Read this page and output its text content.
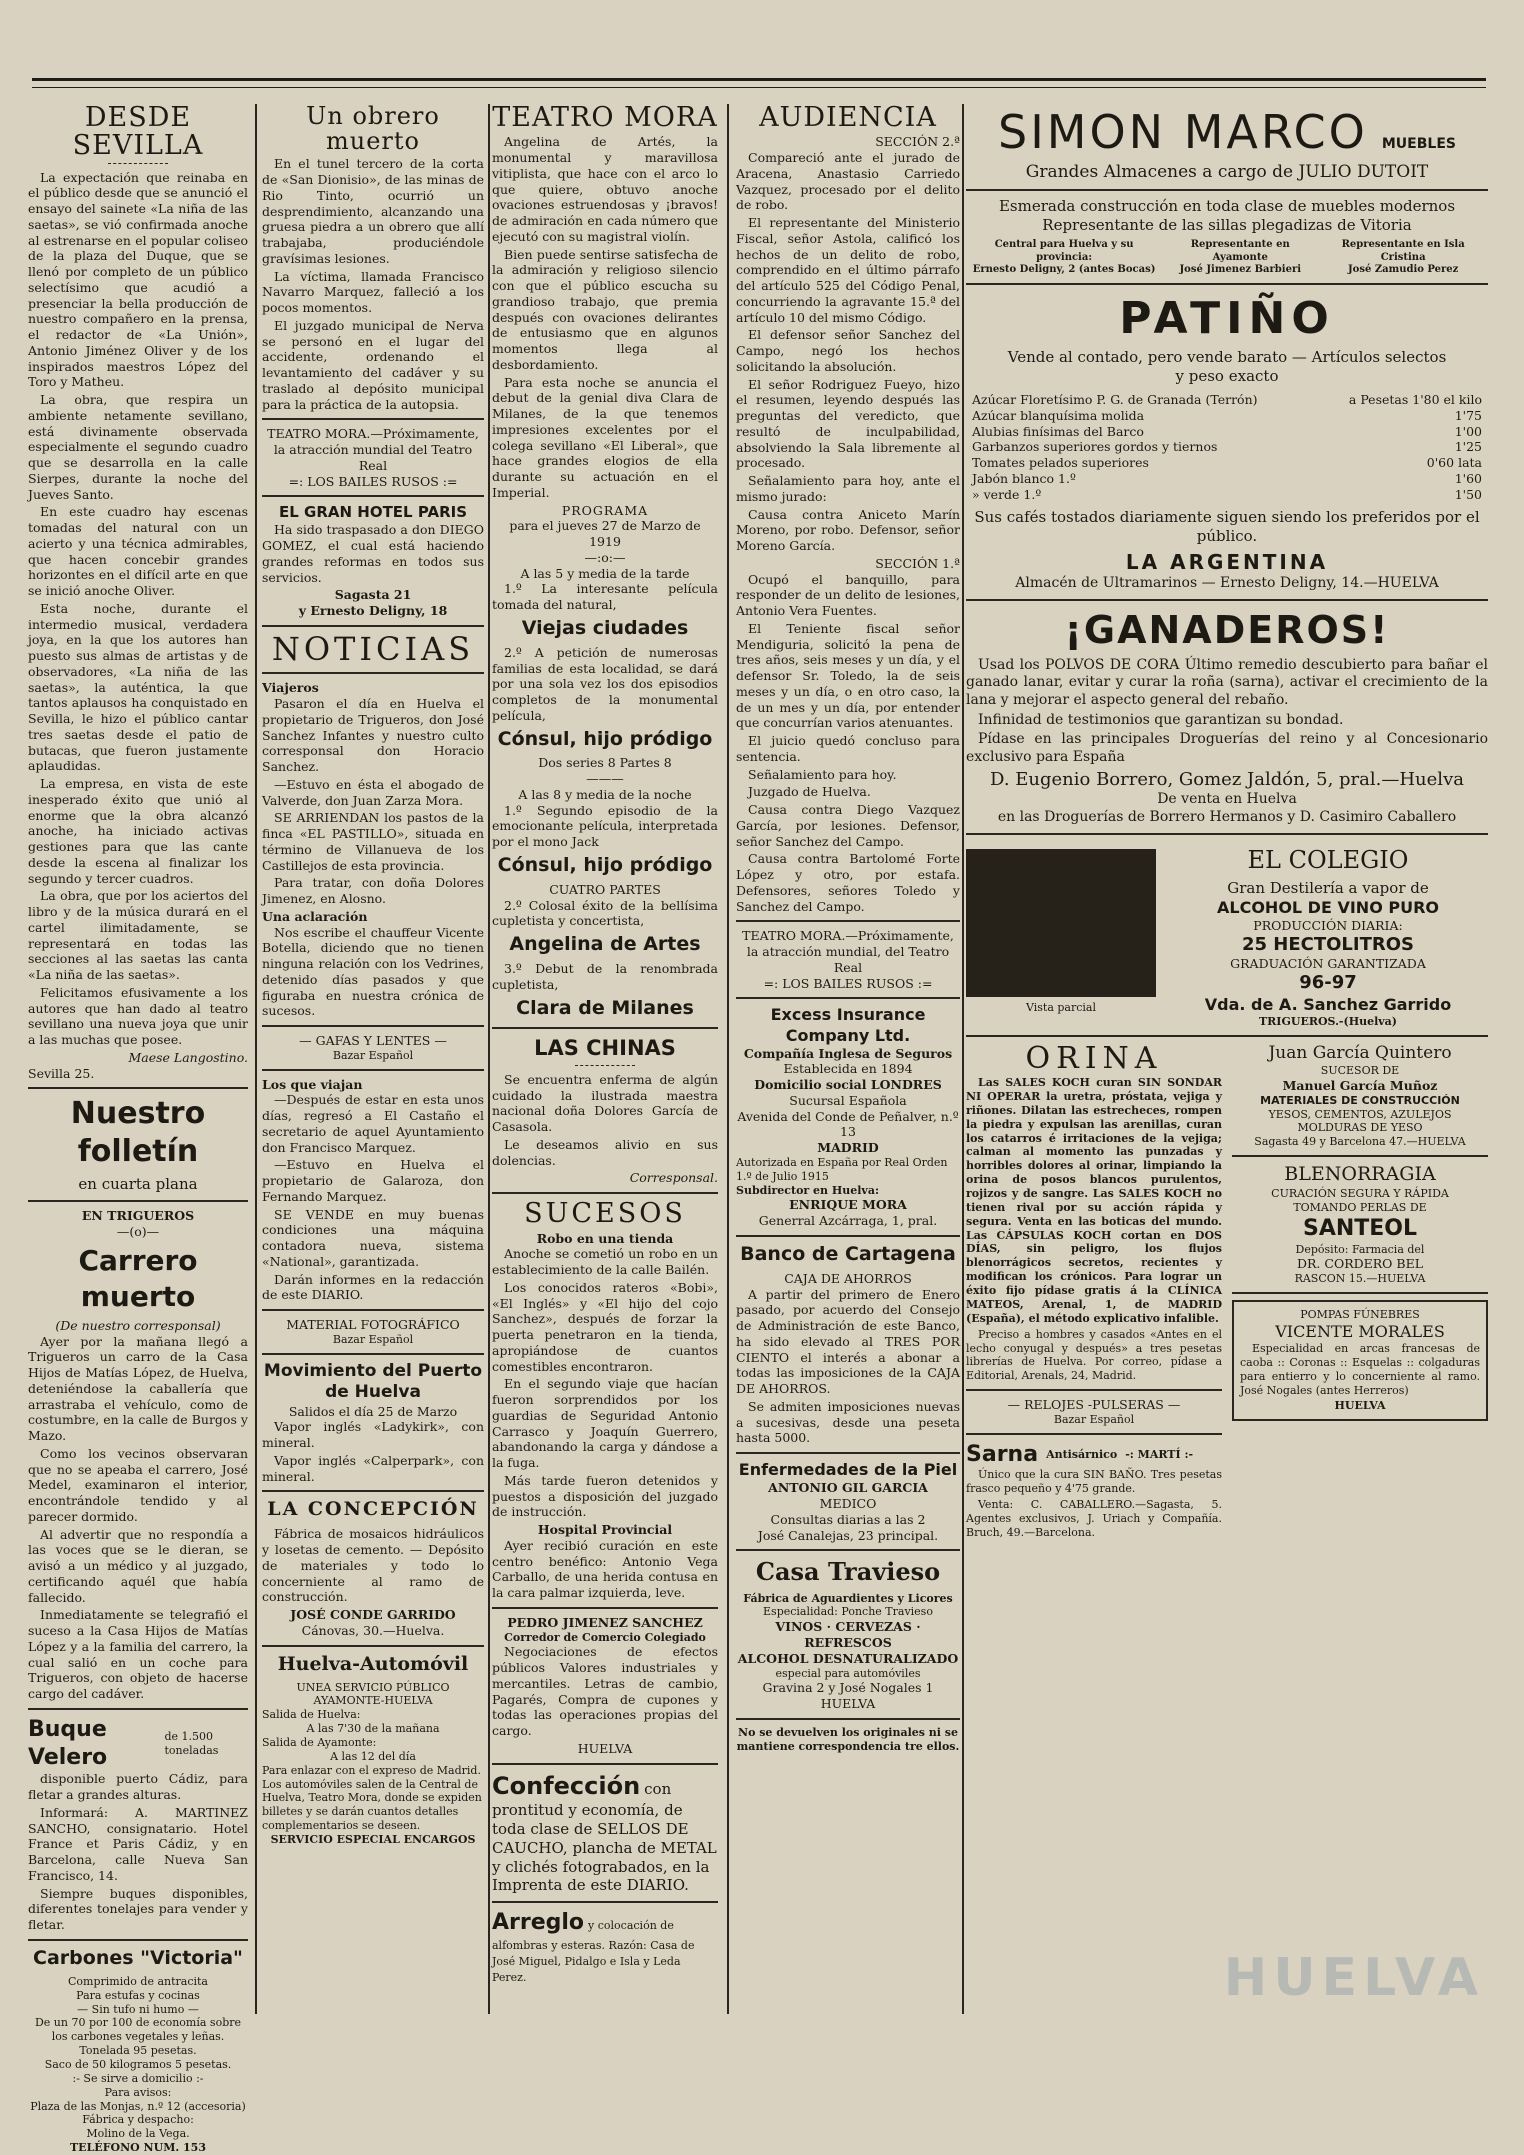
DESDE SEVILLA

La expectación que reinaba en el público desde que se anunció el ensayo del sainete «La niña de las saetas», se vió confirmada anoche al estrenarse en el popular coliseo de la plaza del Duque, que se llenó por completo de un público selectísimo que acudió a presenciar la bella producción de nuestro compañero en la prensa, el redactor de «La Unión», Antonio Jiménez Oliver y de los inspirados maestros López del Toro y Matheu.

La obra, que respira un ambiente netamente sevillano, está divinamente observada especialmente el segundo cuadro que se desarrolla en la calle Sierpes, durante la noche del Jueves Santo.

En este cuadro hay escenas tomadas del natural con un acierto y una técnica admirables, que hacen concebir grandes horizontes en el difícil arte en que se inició anoche Oliver.

Esta noche, durante el intermedio musical, verdadera joya, en la que los autores han puesto sus almas de artistas y de observadores, «La niña de las saetas», la auténtica, la que tantos aplausos ha conquistado en Sevilla, le hizo el público cantar tres saetas desde el patio de butacas, que fueron justamente aplaudidas.

La empresa, en vista de este inesperado éxito que unió al enorme que la obra alcanzó anoche, ha iniciado activas gestiones para que las cante desde la escena al finalizar los segundo y tercer cuadros.

La obra, que por los aciertos del libro y de la música durará en el cartel ilimitadamente, se representará en todas las secciones al las saetas las canta «La niña de las saetas».

Felicitamos efusivamente a los autores que han dado al teatro sevillano una nueva joya que unir a las muchas que posee.

Maese Langostino.
Sevilla 25.
Nuestro folletín
en cuarta plana
EN TRIGUEROS
—(o)—
Carrero muerto
(De nuestro corresponsal)

Ayer por la mañana llegó a Trigueros un carro de la Casa Hijos de Matías López, de Huelva, deteniéndose la caballería que arrastraba el vehículo, como de costumbre, en la calle de Burgos y Mazo.

Como los vecinos observaran que no se apeaba el carrero, José Medel, examinaron el interior, encontrándole tendido y al parecer dormido.

Al advertir que no respondía a las voces que se le dieran, se avisó a un médico y al juzgado, certificando aquél que había fallecido.

Inmediatamente se telegrafió el suceso a la Casa Hijos de Matías López y a la familia del carrero, la cual salió en un coche para Trigueros, con objeto de hacerse cargo del cadáver.

Buque Velero
de 1.500 toneladas

disponible puerto Cádiz, para fletar a grandes alturas.

Informará: A. MARTINEZ SANCHO, consignatario. Hotel France et Paris Cádiz, y en Barcelona, calle Nueva San Francisco, 14.

Siempre buques disponibles, diferentes tonelajes para vender y fletar.

Carbones "Victoria"
Comprimido de antracita
Para estufas y cocinas
— Sin tufo ni humo —
De un 70 por 100 de economía sobre los carbones vegetales y leñas.
Tonelada 95 pesetas.
Saco de 50 kilogramos 5 pesetas.
:- Se sirve a domicilio :-
Para avisos:
Plaza de las Monjas, n.º 12 (accesoria)
Fábrica y despacho:
Molino de la Vega.
TELÉFONO NUM. 153
Un obrero muerto

En el tunel tercero de la corta de «San Dionisio», de las minas de Rio Tinto, ocurrió un desprendimiento, alcanzando una gruesa piedra a un obrero que allí trabajaba, produciéndole gravísimas lesiones.

La víctima, llamada Francisco Navarro Marquez, falleció a los pocos momentos.

El juzgado municipal de Nerva se personó en el lugar del accidente, ordenando el levantamiento del cadáver y su traslado al depósito municipal para la práctica de la autopsia.

TEATRO MORA.—Próximamente, la atracción mundial del Teatro Real
=: LOS BAILES RUSOS :=
EL GRAN HOTEL PARIS

Ha sido traspasado a don DIEGO GOMEZ, el cual está haciendo grandes reformas en todos sus servicios.

Sagasta 21
y Ernesto Deligny, 18
NOTICIAS
Viajeros

Pasaron el día en Huelva el propietario de Trigueros, don José Sanchez Infantes y nuestro culto corresponsal don Horacio Sanchez.

—Estuvo en ésta el abogado de Valverde, don Juan Zarza Mora.

SE ARRIENDAN los pastos de la finca «EL PASTILLO», situada en término de Villanueva de los Castillejos de esta provincia.

Para tratar, con doña Dolores Jimenez, en Alosno.

Una aclaración

Nos escribe el chauffeur Vicente Botella, diciendo que no tienen ninguna relación con los Vedrines, detenido días pasados y que figuraba en nuestra crónica de sucesos.

— GAFAS Y LENTES —
Bazar Español
Los que viajan

—Después de estar en esta unos días, regresó a El Castaño el secretario de aquel Ayuntamiento don Francisco Marquez.

—Estuvo en Huelva el propietario de Galaroza, don Fernando Marquez.

SE VENDE en muy buenas condiciones una máquina contadora nueva, sistema «National», garantizada.

Darán informes en la redacción de este DIARIO.

MATERIAL FOTOGRÁFICO
Bazar Español
Movimiento del Puerto de Huelva
Salidos el día 25 de Marzo

Vapor inglés «Ladykirk», con mineral.

Vapor inglés «Calperpark», con mineral.

LA CONCEPCIÓN

Fábrica de mosaicos hidráulicos y losetas de cemento. — Depósito de materiales y todo lo concerniente al ramo de construcción.

JOSÉ CONDE GARRIDO
Cánovas, 30.—Huelva.
Huelva-Automóvil
UNEA SERVICIO PÚBLICO
AYAMONTE-HUELVA
Salida de Huelva:
A las 7'30 de la mañana
Salida de Ayamonte:
A las 12 del día
Para enlazar con el expreso de Madrid.
Los automóviles salen de la Central de Huelva, Teatro Mora, donde se expiden billetes y se darán cuantos detalles complementarios se deseen.
SERVICIO ESPECIAL ENCARGOS
TEATRO MORA

Angelina de Artés, la monumental y maravillosa vitiplista, que hace con el arco lo que quiere, obtuvo anoche ovaciones estruendosas y ¡bravos! de admiración en cada número que ejecutó con su magistral violín.

Bien puede sentirse satisfecha de la admiración y religioso silencio con que el público escucha su grandioso trabajo, que premia después con ovaciones delirantes de entusiasmo que en algunos momentos llega al desbordamiento.

Para esta noche se anuncia el debut de la genial diva Clara de Milanes, de la que tenemos impresiones excelentes por el colega sevillano «El Liberal», que hace grandes elogios de ella durante su actuación en el Imperial.

PROGRAMA
para el jueves 27 de Marzo de 1919
—:o:—
A las 5 y media de la tarde

1.º La interesante película tomada del natural,

Viejas ciudades

2.º A petición de numerosas familias de esta localidad, se dará por una sola vez los dos episodios completos de la monumental película,

Cónsul, hijo pródigo
Dos series 8 Partes 8
———
A las 8 y media de la noche

1.º Segundo episodio de la emocionante película, interpretada por el mono Jack

Cónsul, hijo pródigo
CUATRO PARTES

2.º Colosal éxito de la bellísima cupletista y concertista,

Angelina de Artes

3.º Debut de la renombrada cupletista,

Clara de Milanes
LAS CHINAS

Se encuentra enferma de algún cuidado la ilustrada maestra nacional doña Dolores García de Casasola.

Le deseamos alivio en sus dolencias.

Corresponsal.
SUCESOS
Robo en una tienda

Anoche se cometió un robo en un establecimiento de la calle Bailén.

Los conocidos rateros «Bobi», «El Inglés» y «El hijo del cojo Sanchez», después de forzar la puerta penetraron en la tienda, apropiándose de cuantos comestibles encontraron.

En el segundo viaje que hacían fueron sorprendidos por los guardias de Seguridad Antonio Carrasco y Joaquín Guerrero, abandonando la carga y dándose a la fuga.

Más tarde fueron detenidos y puestos a disposición del juzgado de instrucción.

Hospital Provincial

Ayer recibió curación en este centro benéfico: Antonio Vega Carballo, de una herida contusa en la cara palmar izquierda, leve.

PEDRO JIMENEZ SANCHEZ
Corredor de Comercio Colegiado

Negociaciones de efectos públicos Valores industriales y mercantiles. Letras de cambio, Pagarés, Compra de cupones y todas las operaciones propias del cargo.

HUELVA
Confección con prontitud y economía, de toda clase de SELLOS DE CAUCHO, plancha de METAL y clichés fotograbados, en la Imprenta de este DIARIO.
Arreglo y colocación de alfombras y esteras. Razón: Casa de José Miguel, Pidalgo e Isla y Leda Perez.
AUDIENCIA
SECCIÓN 2.ª

Compareció ante el jurado de Aracena, Anastasio Carriedo Vazquez, procesado por el delito de robo.

El representante del Ministerio Fiscal, señor Astola, calificó los hechos de un delito de robo, comprendido en el último párrafo del artículo 525 del Código Penal, concurriendo la agravante 15.ª del artículo 10 del mismo Código.

El defensor señor Sanchez del Campo, negó los hechos solicitando la absolución.

El señor Rodriguez Fueyo, hizo el resumen, leyendo después las preguntas del veredicto, que resultó de inculpabilidad, absolviendo la Sala libremente al procesado.

Señalamiento para hoy, ante el mismo jurado:

Causa contra Aniceto Marín Moreno, por robo. Defensor, señor Moreno García.

SECCIÓN 1.ª

Ocupó el banquillo, para responder de un delito de lesiones, Antonio Vera Fuentes.

El Teniente fiscal señor Mendiguria, solicitó la pena de tres años, seis meses y un día, y el defensor Sr. Toledo, la de seis meses y un día, o en otro caso, la de un mes y un día, por entender que concurrían varios atenuantes.

El juicio quedó concluso para sentencia.

Señalamiento para hoy.

Juzgado de Huelva.

Causa contra Diego Vazquez García, por lesiones. Defensor, señor Sanchez del Campo.

Causa contra Bartolomé Forte López y otro, por estafa. Defensores, señores Toledo y Sanchez del Campo.

TEATRO MORA.—Próximamente, la atracción mundial, del Teatro Real
=: LOS BAILES RUSOS :=
Excess Insurance Company Ltd.
Compañía Inglesa de Seguros
Establecida en 1894
Domicilio social LONDRES
Sucursal Española
Avenida del Conde de Peñalver, n.º 13
MADRID
Autorizada en España por Real Orden 1.º de Julio 1915
Subdirector en Huelva:
ENRIQUE MORA
Generral Azcárraga, 1, pral.
Banco de Cartagena
CAJA DE AHORROS

A partir del primero de Enero pasado, por acuerdo del Consejo de Administración de este Banco, ha sido elevado al TRES POR CIENTO el interés a abonar a todas las imposiciones de la CAJA DE AHORROS.

Se admiten imposiciones nuevas a sucesivas, desde una peseta hasta 5000.

Enfermedades de la Piel
ANTONIO GIL GARCIA
MEDICO
Consultas diarias a las 2
José Canalejas, 23 principal.
Casa Travieso
Fábrica de Aguardientes y Licores
Especialidad: Ponche Travieso
VINOS · CERVEZAS · REFRESCOS
ALCOHOL DESNATURALIZADO
especial para automóviles
Gravina 2 y José Nogales 1
HUELVA
No se devuelven los originales ni se mantiene correspondencia tre ellos.
SIMON MARCO MUEBLES
Grandes Almacenes a cargo de JULIO DUTOIT
Esmerada construcción en toda clase de muebles modernos
Representante de las sillas plegadizas de Vitoria
Central para Huelva y su provincia:
Ernesto Deligny, 2 (antes Bocas)
Representante en Ayamonte
José Jimenez Barbieri
Representante en Isla Cristina
José Zamudio Perez
PATIÑO
Vende al contado, pero vende barato — Artículos selectos
y peso exacto
Azúcar Floretísimo P. G. de Granada (Terrón)	a Pesetas 1'80 el kilo
Azúcar blanquísima molida	1'75
Alubias finísimas del Barco	1'00
Garbanzos superiores gordos y tiernos	1'25
Tomates pelados superiores	0'60 lata
Jabón blanco 1.º	1'60
» verde 1.º	1'50
Sus cafés tostados diariamente siguen siendo los preferidos por el público.
LA ARGENTINA
Almacén de Ultramarinos — Ernesto Deligny, 14.—HUELVA
¡GANADEROS!

Usad los POLVOS DE CORA Último remedio descubierto para bañar el ganado lanar, evitar y curar la roña (sarna), activar el crecimiento de la lana y mejorar el aspecto general del rebaño.

Infinidad de testimonios que garantizan su bondad.

Pídase en las principales Droguerías del reino y al Concesionario exclusivo para España

D. Eugenio Borrero, Gomez Jaldón, 5, pral.—Huelva
De venta en Huelva
en las Droguerías de Borrero Hermanos y D. Casimiro Caballero
Vista parcial
EL COLEGIO
Gran Destilería a vapor de
ALCOHOL DE VINO PURO
PRODUCCIÓN DIARIA:
25 HECTOLITROS
GRADUACIÓN GARANTIZADA
96-97
Vda. de A. Sanchez Garrido
TRIGUEROS.-(Huelva)
ORINA

Las SALES KOCH curan SIN SONDAR NI OPERAR la uretra, próstata, vejiga y riñones. Dilatan las estrecheces, rompen la piedra y expulsan las arenillas, curan los catarros é irritaciones de la vejiga; calman al momento las punzadas y horribles dolores al orinar, limpiando la orina de posos blancos purulentos, rojizos y de sangre. Las SALES KOCH no tienen rival por su acción rápida y segura. Venta en las boticas del mundo. Las CÁPSULAS KOCH cortan en DOS DÍAS, sin peligro, los flujos blenorrágicos secretos, recientes y modifican los crónicos. Para lograr un éxito fijo pídase gratis á la CLÍNICA MATEOS, Arenal, 1, de MADRID (España), el método explicativo infalible.

Preciso a hombres y casados «Antes en el lecho conyugal y después» a tres pesetas librerías de Huelva. Por correo, pídase a Editorial, Arenals, 24, Madrid.

— RELOJES -PULSERAS —
Bazar Español
Sarna Antisárnico -: MARTÍ :-

Único que la cura SIN BAÑO. Tres pesetas frasco pequeño y 4'75 grande.

Venta: C. CABALLERO.—Sagasta, 5. Agentes exclusivos, J. Uriach y Compañía. Bruch, 49.—Barcelona.

Juan García Quintero
SUCESOR DE
Manuel García Muñoz
MATERIALES DE CONSTRUCCIÓN
YESOS, CEMENTOS, AZULEJOS
MOLDURAS DE YESO
Sagasta 49 y Barcelona 47.—HUELVA
BLENORRAGIA
CURACIÓN SEGURA Y RÁPIDA
TOMANDO PERLAS DE
SANTEOL
Depósito: Farmacia del
DR. CORDERO BEL
RASCON 15.—HUELVA
POMPAS FÚNEBRES
VICENTE MORALES

Especialidad en arcas francesas de caoba :: Coronas :: Esquelas :: colgaduras para entierro y lo concerniente al ramo. José Nogales (antes Herreros)

HUELVA
HUELVA
